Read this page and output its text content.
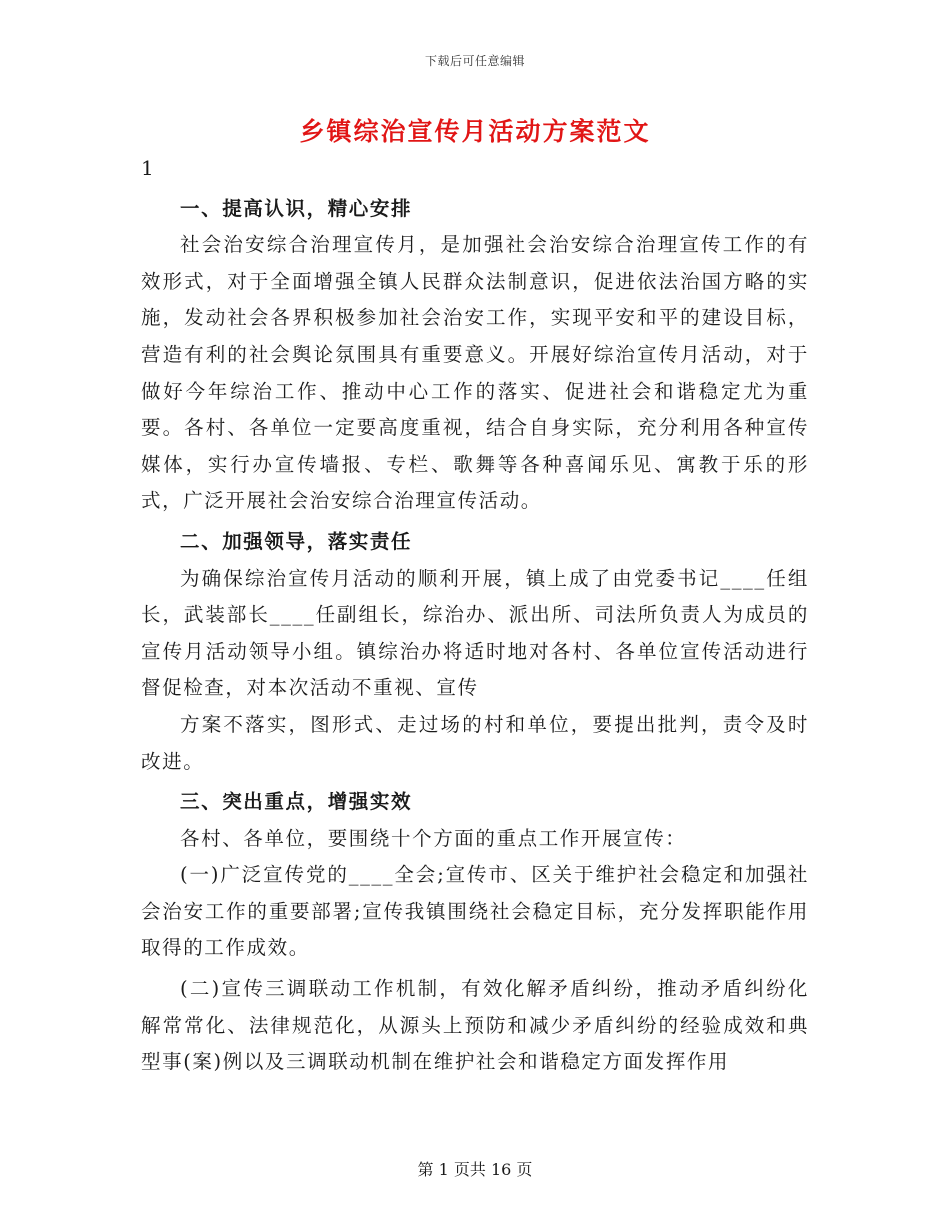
下载后可任意编辑
乡镇综治宣传月活动方案范文

1

一、提高认识，精心安排

社会治安综合治理宣传月，是加强社会治安综合治理宣传工作的有效形式，对于全面增强全镇人民群众法制意识，促进依法治国方略的实施，发动社会各界积极参加社会治安工作，实现平安和平的建设目标，营造有利的社会舆论氛围具有重要意义。开展好综治宣传月活动，对于做好今年综治工作、推动中心工作的落实、促进社会和谐稳定尤为重要。各村、各单位一定要高度重视，结合自身实际，充分利用各种宣传媒体，实行办宣传墙报、专栏、歌舞等各种喜闻乐见、寓教于乐的形式，广泛开展社会治安综合治理宣传活动。

二、加强领导，落实责任

为确保综治宣传月活动的顺利开展，镇上成了由党委书记____任组长，武装部长____任副组长，综治办、派出所、司法所负责人为成员的宣传月活动领导小组。镇综治办将适时地对各村、各单位宣传活动进行督促检查，对本次活动不重视、宣传

方案不落实，图形式、走过场的村和单位，要提出批判，责令及时改进。

三、突出重点，增强实效

各村、各单位，要围绕十个方面的重点工作开展宣传：

(一)广泛宣传党的____全会;宣传市、区关于维护社会稳定和加强社会治安工作的重要部署;宣传我镇围绕社会稳定目标，充分发挥职能作用取得的工作成效。

(二)宣传三调联动工作机制，有效化解矛盾纠纷，推动矛盾纠纷化解常常化、法律规范化，从源头上预防和减少矛盾纠纷的经验成效和典型事(案)例以及三调联动机制在维护社会和谐稳定方面发挥作用

第 1 页共 16 页
